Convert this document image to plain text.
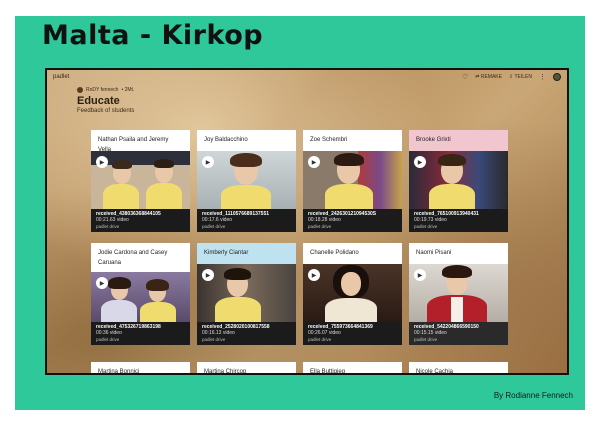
Malta - Kirkop
padlet	♡ ⇄ REMAKE ⇪ TEILEN ⋮
RoDY fennech • 2Mt.
Educate
Feedback of students
Nathan Psaila and Jeremy Vella
▶
received_438036368844105
00:21.63 video
padlet drive
Joy Baldacchino
▶
received_1110576689137551
00:17.6 video
padlet drive
Zoe Schembri
▶
received_242630121094530S
00:18.28 video
padlet drive
Brooke Grixti
▶
received_765100913940431
00:19.73 video
padlet drive
Jodie Cardona and Casey Caruana
▶
received_475326719863198
00:36 video
padlet drive
Kimberly Ciantar
▶
received_2528020100817558
00:16.13 video
padlet drive
Chanelle Polidano
▶
received_755973664841369
00:26.07 video
padlet drive
Naomi Pisani
▶
received_542204866590150
00:15.15 video
padlet drive
Martina Bonnici	Martina Chircop	Ella Buttigieg	Nicole Cachia
By Rodianne Fennech
